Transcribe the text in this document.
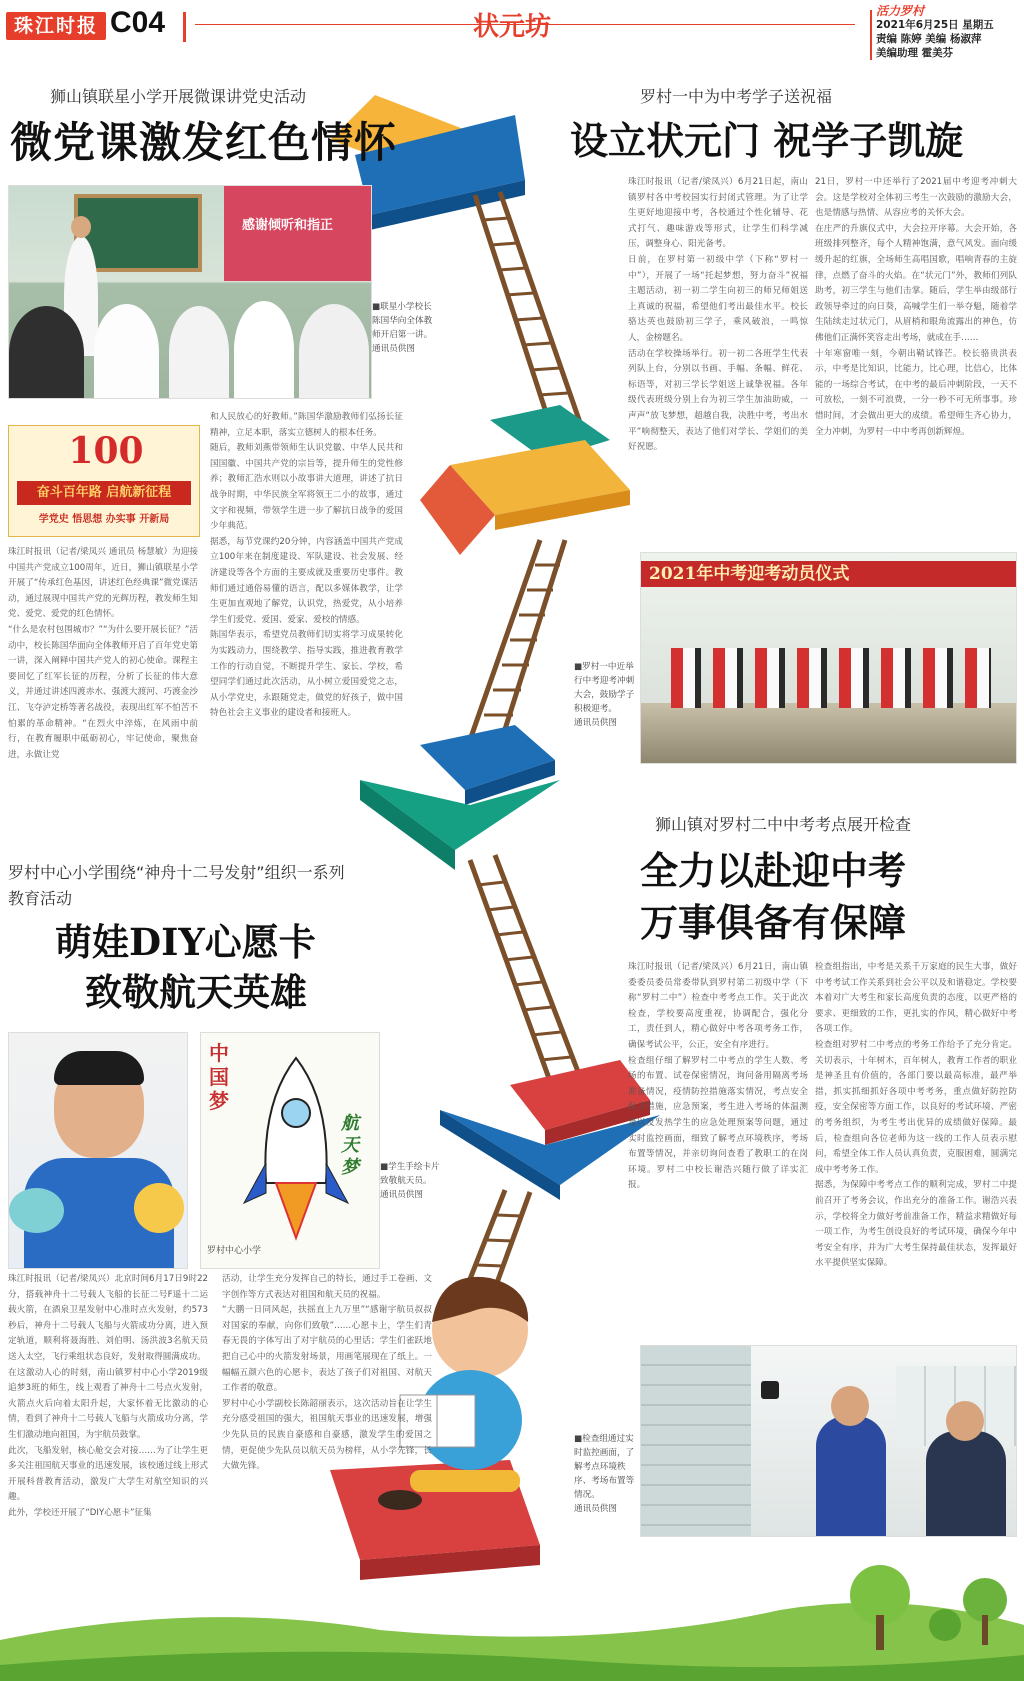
珠江时报 C04	状元坊
活力罗村
2021年6月25日 星期五
责编 陈婷 美编 杨淑萍
美编助理 霍美芬
狮山镇联星小学开展微课讲党史活动
微党课激发红色情怀
感谢倾听和指正
■联星小学校长陈国华向全体教师开启第一讲。
通讯员供图
100
奋斗百年路 启航新征程
学党史 悟思想 办实事 开新局
珠江时报讯（记者/梁凤兴 通讯员 杨慧敏）为迎接中国共产党成立100周年，近日，狮山镇联星小学开展了“传承红色基因，讲述红色经典课”微党课活动，通过展现中国共产党的光辉历程，教发师生知党、爱党、爱党的红色情怀。
“什么是农村包围城市？”“为什么要开展长征？”活动中，校长陈国华面向全体教师开启了百年党史第一讲，深入阐释中国共产党人的初心使命。课程主要回忆了红军长征的历程，分析了长征的伟大意义，并通过讲述四渡赤水、强渡大渡河、巧渡金沙江、飞夺泸定桥等著名战役，表现出红军不怕苦不怕累的革命精神。“在烈火中淬炼，在风雨中前行，在教育履职中砥砺初心，牢记使命，聚焦奋进，永做让党
和人民放心的好教师。”陈国华激励教师们弘扬长征精神，立足本职，落实立德树人的根本任务。
随后，教师刘燕带领师生认识党徽、中华人民共和国国徽、中国共产党的宗旨等，提升师生的党性修养；教师汇浩水则以小故事讲大道理，讲述了抗日战争时期，中华民族全军将领王二小的故事，通过文字和视频，带领学生进一步了解抗日战争的爱国少年典范。
据悉，每节党课约20分钟，内容涵盖中国共产党成立100年来在制度建设、军队建设、社会发展、经济建设等各个方面的主要成就及重要历史事件。教师们通过通俗易懂的语言，配以多媒体教学，让学生更加直观地了解党，认识党，热爱党，从小培养学生们爱党、爱国、爱家、爱校的情感。
陈国华表示，希望党员教师们切实将学习成果转化为实践动力，围绕教学、指导实践，推进教育教学工作的行动自觉，不断提升学生、家长、学校，希望同学们通过此次活动，从小树立爱国爱党之志，从小学党史，永跟随党走，做党的好孩子，做中国特色社会主义事业的建设者和接班人。
罗村一中为中考学子送祝福
设立状元门 祝学子凯旋
珠江时报讯（记者/梁凤兴）6月21日起，南山镇罗村各中考校园实行封闭式管理。为了让学生更好地迎接中考，各校通过个性化辅导、花式打气、趣味游戏等形式，让学生们科学减压，调整身心、阳光备考。
日前，在罗村第一初级中学（下称“罗村一中”），开展了一场“托起梦想，努力奋斗”祝福主题活动，初一初二学生向初三的师兄师姐送上真诚的祝福，希望他们考出最佳水平。校长骆达英也鼓励初三学子，乘风破浪，一鸣惊人，金榜题名。
活动在学校操场举行。初一初二各班学生代表列队上台，分别以书画、手幅、条幅、鲜花、标语等，对初三学长学姐送上诚挚祝福。各年级代表班级分别上台为初三学生加油助威，一声声“放飞梦想，超越自我，决胜中考，考出水平”响彻整天，表达了他们对学长、学姐们的美好祝愿。
21日，罗村一中还举行了2021届中考迎考冲刺大会。这是学校对全体初三考生一次鼓励的激励大会，也是情感与热情、从容应考的关怀大会。
在庄严的升旗仪式中，大会拉开序幕。大会开始，各班级排列整齐，每个人精神饱满，意气风发。面向缓缓升起的红旗，全场师生高唱国歌，唱响青春的主旋律，点燃了奋斗的火焰。在“状元门”外，教师们列队助考，初三学生与他们击掌。随后，学生举由级部行政领导牵过的向日葵，高喊学生们一举夺魁，随着学生陆续走过状元门，从眉梢和眼角流露出的神色，仿佛他们正满怀笑容走出考场，就成在手……
十年寒窗唯一刻，今朝出鞘试锋芒。校长骆贵洪表示，中考是比知识，比能力，比心理，比信心，比体能的一场综合考试，在中考的最后冲刺阶段，一天不可放松，一刻不可浪费，一分一秒不可无所事事。珍惜时间，才会做出更大的成绩。希望师生齐心协力，全力冲刺，为罗村一中中考再创新辉煌。
2021年中考迎考动员仪式
■罗村一中近举行中考迎考冲刺大会，鼓励学子积极迎考。
通讯员供图
罗村中心小学围绕“神舟十二号发射”组织一系列教育活动
萌娃DIY心愿卡
致敬航天英雄
中国梦
航天梦
罗村中心小学
■学生手绘卡片致敬航天员。
通讯员供图
珠江时报讯（记者/梁凤兴）北京时间6月17日9时22分，搭载神舟十二号载人飞船的长征二号F遥十二运载火箭，在酒泉卫星发射中心准时点火发射，约573秒后，神舟十二号载人飞船与火箭成功分离，进入预定轨道，顺利将聂海胜、刘伯明、汤洪波3名航天员送入太空，飞行乘组状态良好，发射取得圆满成功。
在这激动人心的时刻，南山镇罗村中心小学2019级追梦3班的师生，线上观看了神舟十二号点火发射，火箭点火后向着太阳升起，大家怀着无比激动的心情，看到了神舟十二号载人飞船与火箭成功分离，学生们激动地向祖国，为宇航员鼓掌。
此次，飞船发射，核心舱交会对接……为了让学生更多关注祖国航天事业的迅速发展，该校通过线上形式开展科普教育活动，激发广大学生对航空知识的兴趣。
此外，学校还开展了“DIY心愿卡”征集
活动，让学生充分发挥自己的特长，通过手工卷画、文字创作等方式表达对祖国和航天员的祝福。
“大鹏一日同风起，扶摇直上九万里”“感谢宇航员叔叔对国家的奉献，向你们致敬”……心愿卡上，学生们青春无畏的字体写出了对宇航员的心里话；学生们雀跃地把自己心中的火箭发射场景，用画笔展现在了纸上。一幅幅五颜六色的心愿卡，表达了孩子们对祖国、对航天工作者的敬意。
罗村中心小学副校长陈韶丽表示，这次活动旨在让学生充分感受祖国的强大，祖国航天事业的迅速发展，增强少先队员的民族自豪感和自豪感，激发学生的爱国之情，更促使少先队员以航天员为榜样，从小学先锋，长大做先锋。
狮山镇对罗村二中中考考点展开检查
全力以赴迎中考
万事俱备有保障
珠江时报讯（记者/梁凤兴）6月21日，南山镇委委员委员常委带队到罗村第二初级中学（下称“罗村二中”）检查中考考点工作。关于此次检查，学校要高度重视，协调配合，强化分工，责任到人，精心做好中考各项考务工作，确保考试公平，公正，安全有序进行。
检查组仔细了解罗村二中考点的学生人数、考场的布置、试卷保密情况，询问备用隔离考场准备情况，疫情防控措施落实情况，考点安全保卫措施，应急预案，考生进入考场的体温测量以及发热学生的应急处理预案等问题，通过实时监控画面，细致了解考点环境秩序，考场布置等情况，并亲切询问查看了教职工的在岗环境。罗村二中校长谢浩兴随行做了详实汇报。
检查组指出，中考是关系千万家庭的民生大事，做好中考考试工作关系到社会公平以及和谐稳定。学校要本着对广大考生和家长高度负责的态度，以更严格的要求、更细致的工作，更扎实的作风，精心做好中考各项工作。
检查组对罗村二中考点的考务工作给予了充分肯定。关切表示，十年树木，百年树人，教育工作者的职业是神圣且有价值的，各部门要以最高标准，最严举措，抓实抓细抓好各项中考考务，重点做好防控防疫，安全保密等方面工作，以良好的考试环境、严密的考务组织，为考生考出优异的成绩做好保障。最后，检查组向各位老师为这一线的工作人员表示慰问，希望全体工作人员认真负责，克服困难，圆满完成中考考务工作。
据悉，为保障中考考点工作的顺利完成，罗村二中提前召开了考务会议，作出充分的准备工作。谢浩兴表示，学校将全力做好考前准备工作，精益求精做好每一项工作，为考生创设良好的考试环境，确保今年中考安全有序，并为广大考生保持最佳状态，发挥最好水平提供坚实保障。
■检查组通过实时监控画面，了解考点环境秩序、考场布置等情况。
通讯员供图
